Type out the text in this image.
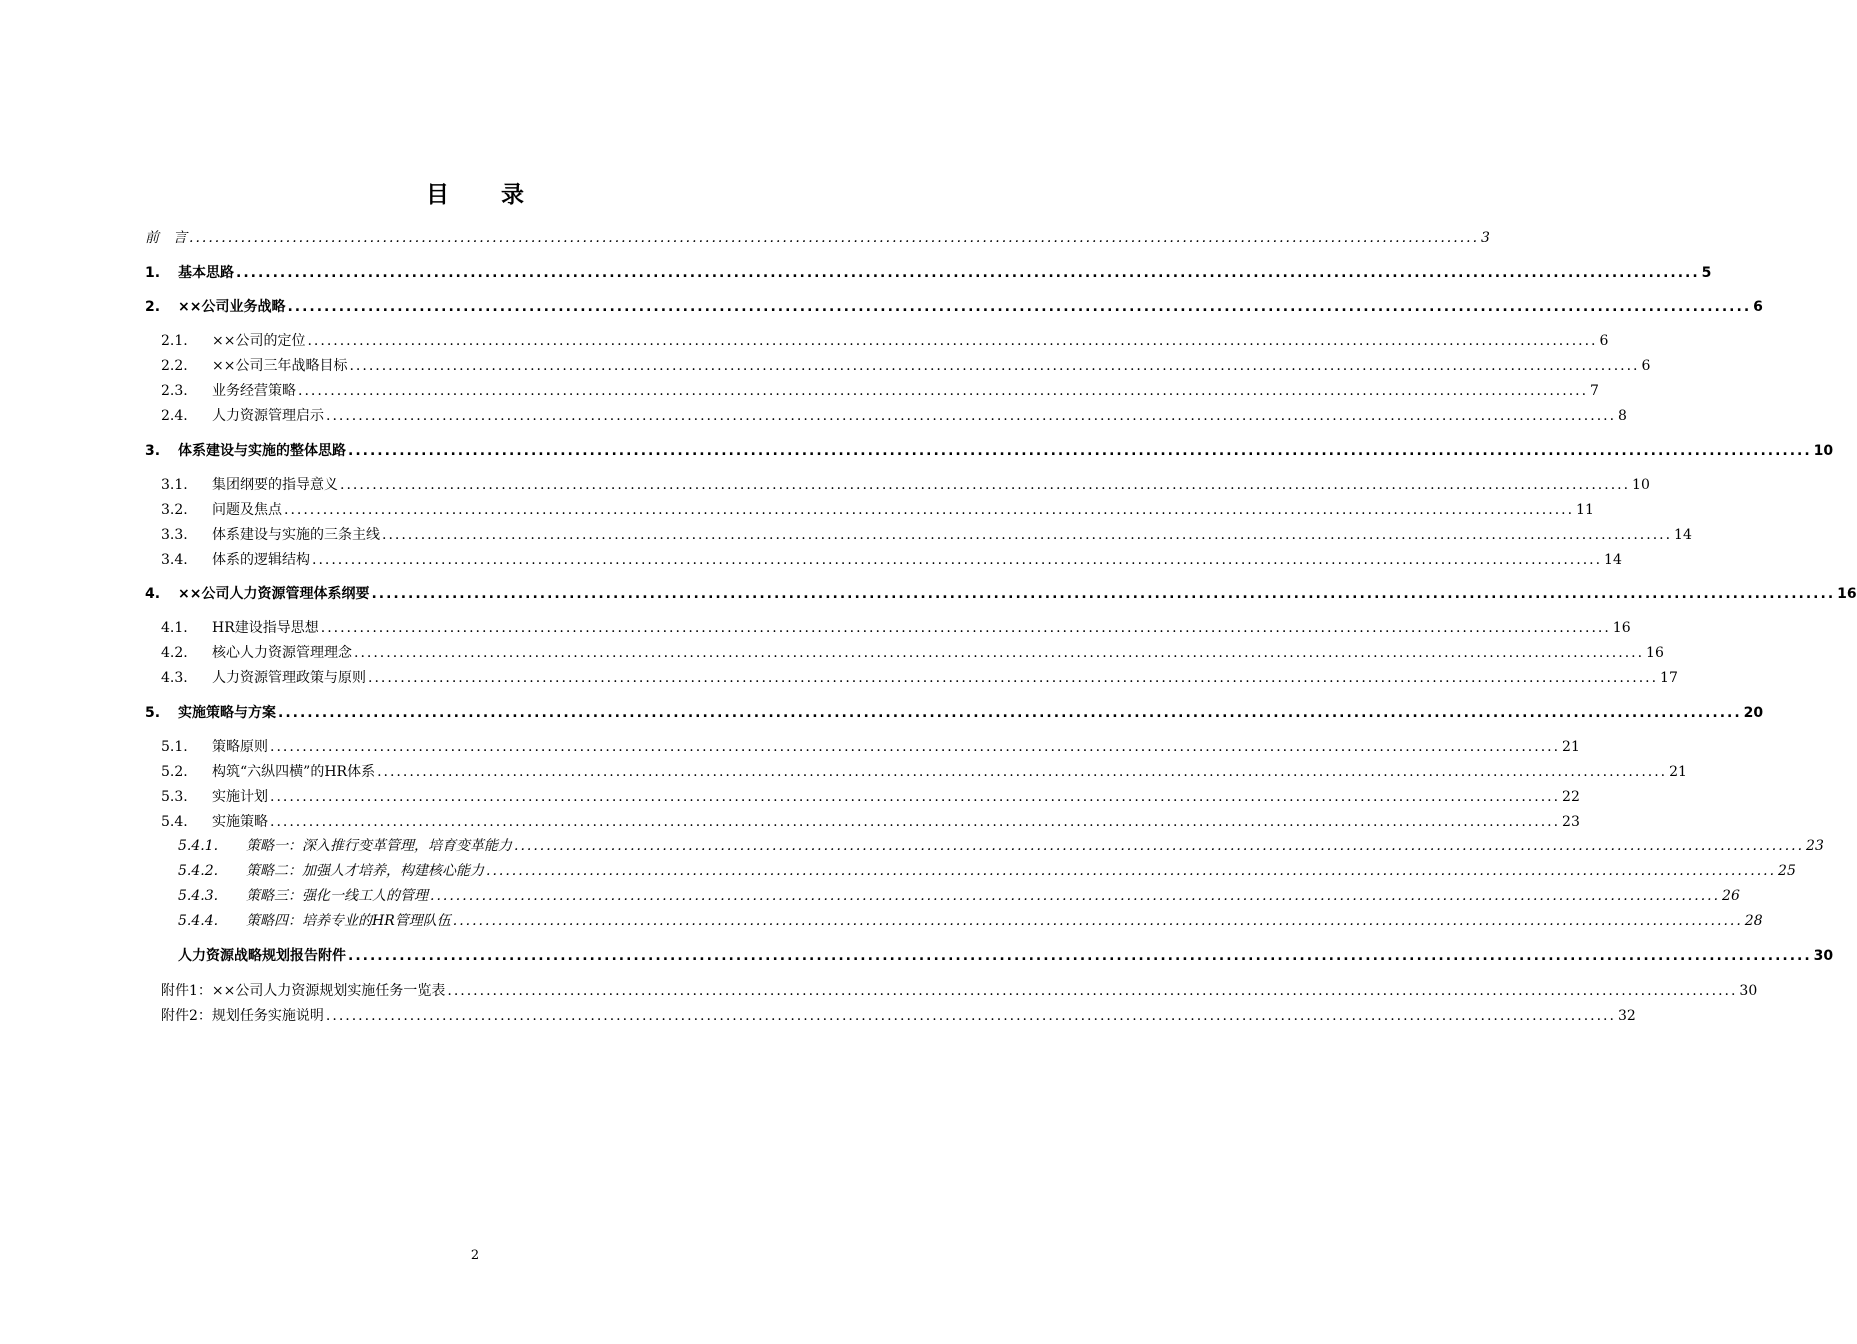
目 录
前　言 ........................................................................................................................................................................................................ 3
1.	基本思路 ........................................................................................................................................................................................................ 5
2.	××公司业务战略 ........................................................................................................................................................................................................ 6
2.1.	××公司的定位 ........................................................................................................................................................................................................ 6
2.2.	××公司三年战略目标 ........................................................................................................................................................................................................ 6
2.3.	业务经营策略 ........................................................................................................................................................................................................ 7
2.4.	人力资源管理启示 ........................................................................................................................................................................................................ 8
3.	体系建设与实施的整体思路 ........................................................................................................................................................................................................ 10
3.1.	集团纲要的指导意义 ........................................................................................................................................................................................................ 10
3.2.	问题及焦点 ........................................................................................................................................................................................................ 11
3.3.	体系建设与实施的三条主线 ........................................................................................................................................................................................................ 14
3.4.	体系的逻辑结构 ........................................................................................................................................................................................................ 14
4.	××公司人力资源管理体系纲要 ........................................................................................................................................................................................................ 16
4.1.	HR建设指导思想 ........................................................................................................................................................................................................ 16
4.2.	核心人力资源管理理念 ........................................................................................................................................................................................................ 16
4.3.	人力资源管理政策与原则 ........................................................................................................................................................................................................ 17
5.	实施策略与方案 ........................................................................................................................................................................................................ 20
5.1.	策略原则 ........................................................................................................................................................................................................ 21
5.2.	构筑“六纵四横”的HR体系 ........................................................................................................................................................................................................ 21
5.3.	实施计划 ........................................................................................................................................................................................................ 22
5.4.	实施策略 ........................................................................................................................................................................................................ 23
5.4.1.	策略一：深入推行变革管理，培育变革能力 ........................................................................................................................................................................................................ 23
5.4.2.	策略二：加强人才培养，构建核心能力 ........................................................................................................................................................................................................ 25
5.4.3.	策略三：强化一线工人的管理 ........................................................................................................................................................................................................ 26
5.4.4.	策略四：培养专业的HR管理队伍 ........................................................................................................................................................................................................ 28
人力资源战略规划报告附件 ........................................................................................................................................................................................................ 30
附件1：××公司人力资源规划实施任务一览表 ........................................................................................................................................................................................................ 30
附件2：规划任务实施说明 ........................................................................................................................................................................................................ 32
2
